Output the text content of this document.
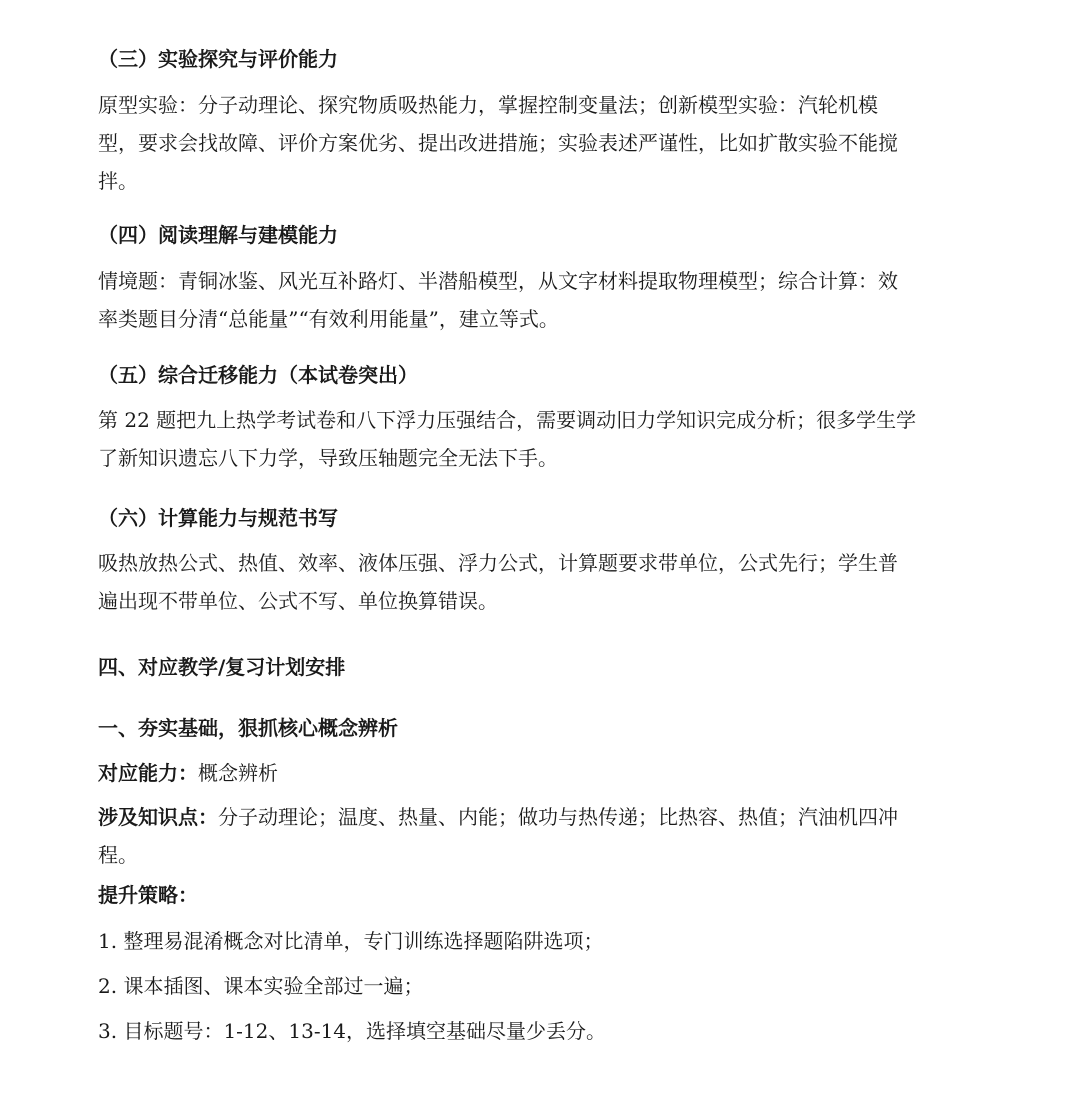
（三）实验探究与评价能力
原型实验：分子动理论、探究物质吸热能力，掌握控制变量法；创新模型实验：汽轮机模
型，要求会找故障、评价方案优劣、提出改进措施；实验表述严谨性，比如扩散实验不能搅
拌。
（四）阅读理解与建模能力
情境题：青铜冰鉴、风光互补路灯、半潜船模型，从文字材料提取物理模型；综合计算：效
率类题目分清“总能量”“有效利用能量”，建立等式。
（五）综合迁移能力（本试卷突出）
第 22 题把九上热学考试卷和八下浮力压强结合，需要调动旧力学知识完成分析；很多学生学
了新知识遗忘八下力学，导致压轴题完全无法下手。
（六）计算能力与规范书写
吸热放热公式、热值、效率、液体压强、浮力公式，计算题要求带单位，公式先行；学生普
遍出现不带单位、公式不写、单位换算错误。
四、对应教学/复习计划安排
一、夯实基础，狠抓核心概念辨析
对应能力：概念辨析
涉及知识点：分子动理论；温度、热量、内能；做功与热传递；比热容、热值；汽油机四冲
程。
提升策略：
1. 整理易混淆概念对比清单，专门训练选择题陷阱选项；
2. 课本插图、课本实验全部过一遍；
3. 目标题号：1-12、13-14，选择填空基础尽量少丢分。
